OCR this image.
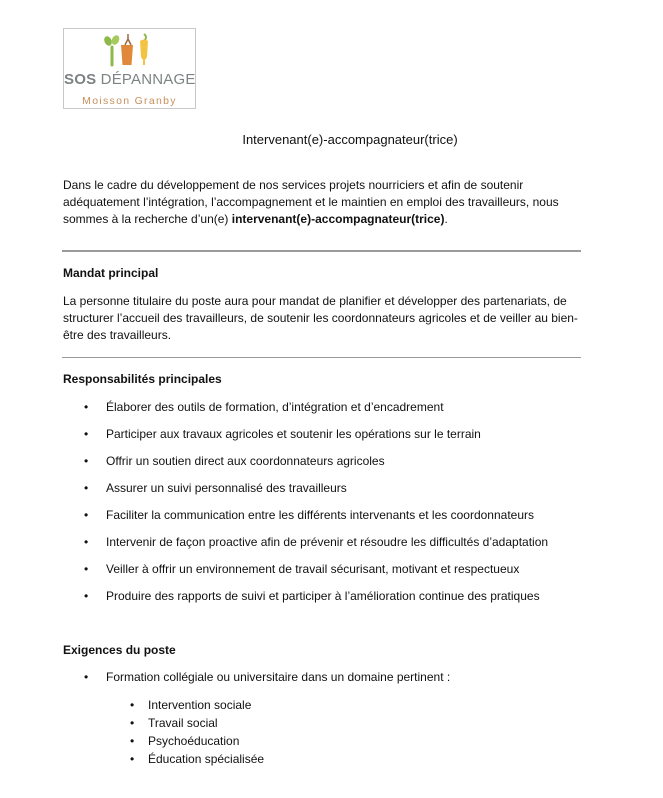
SOS DÉPANNAGE
Moisson Granby
Intervenant(e)-accompagnateur(trice)
Dans le cadre du développement de nos services projets nourriciers et afin de soutenir adéquatement l’intégration, l’accompagnement et le maintien en emploi des travailleurs, nous sommes à la recherche d’un(e) intervenant(e)-accompagnateur(trice).
Mandat principal
La personne titulaire du poste aura pour mandat de planifier et développer des partenariats, de structurer l’accueil des travailleurs, de soutenir les coordonnateurs agricoles et de veiller au bien-être des travailleurs.
Responsabilités principales
• Élaborer des outils de formation, d’intégration et d’encadrement
• Participer aux travaux agricoles et soutenir les opérations sur le terrain
• Offrir un soutien direct aux coordonnateurs agricoles
• Assurer un suivi personnalisé des travailleurs
• Faciliter la communication entre les différents intervenants et les coordonnateurs
• Intervenir de façon proactive afin de prévenir et résoudre les difficultés d’adaptation
• Veiller à offrir un environnement de travail sécurisant, motivant et respectueux
• Produire des rapports de suivi et participer à l’amélioration continue des pratiques
Exigences du poste
• Formation collégiale ou universitaire dans un domaine pertinent :
• Intervention sociale
• Travail social
• Psychoéducation
• Éducation spécialisée
